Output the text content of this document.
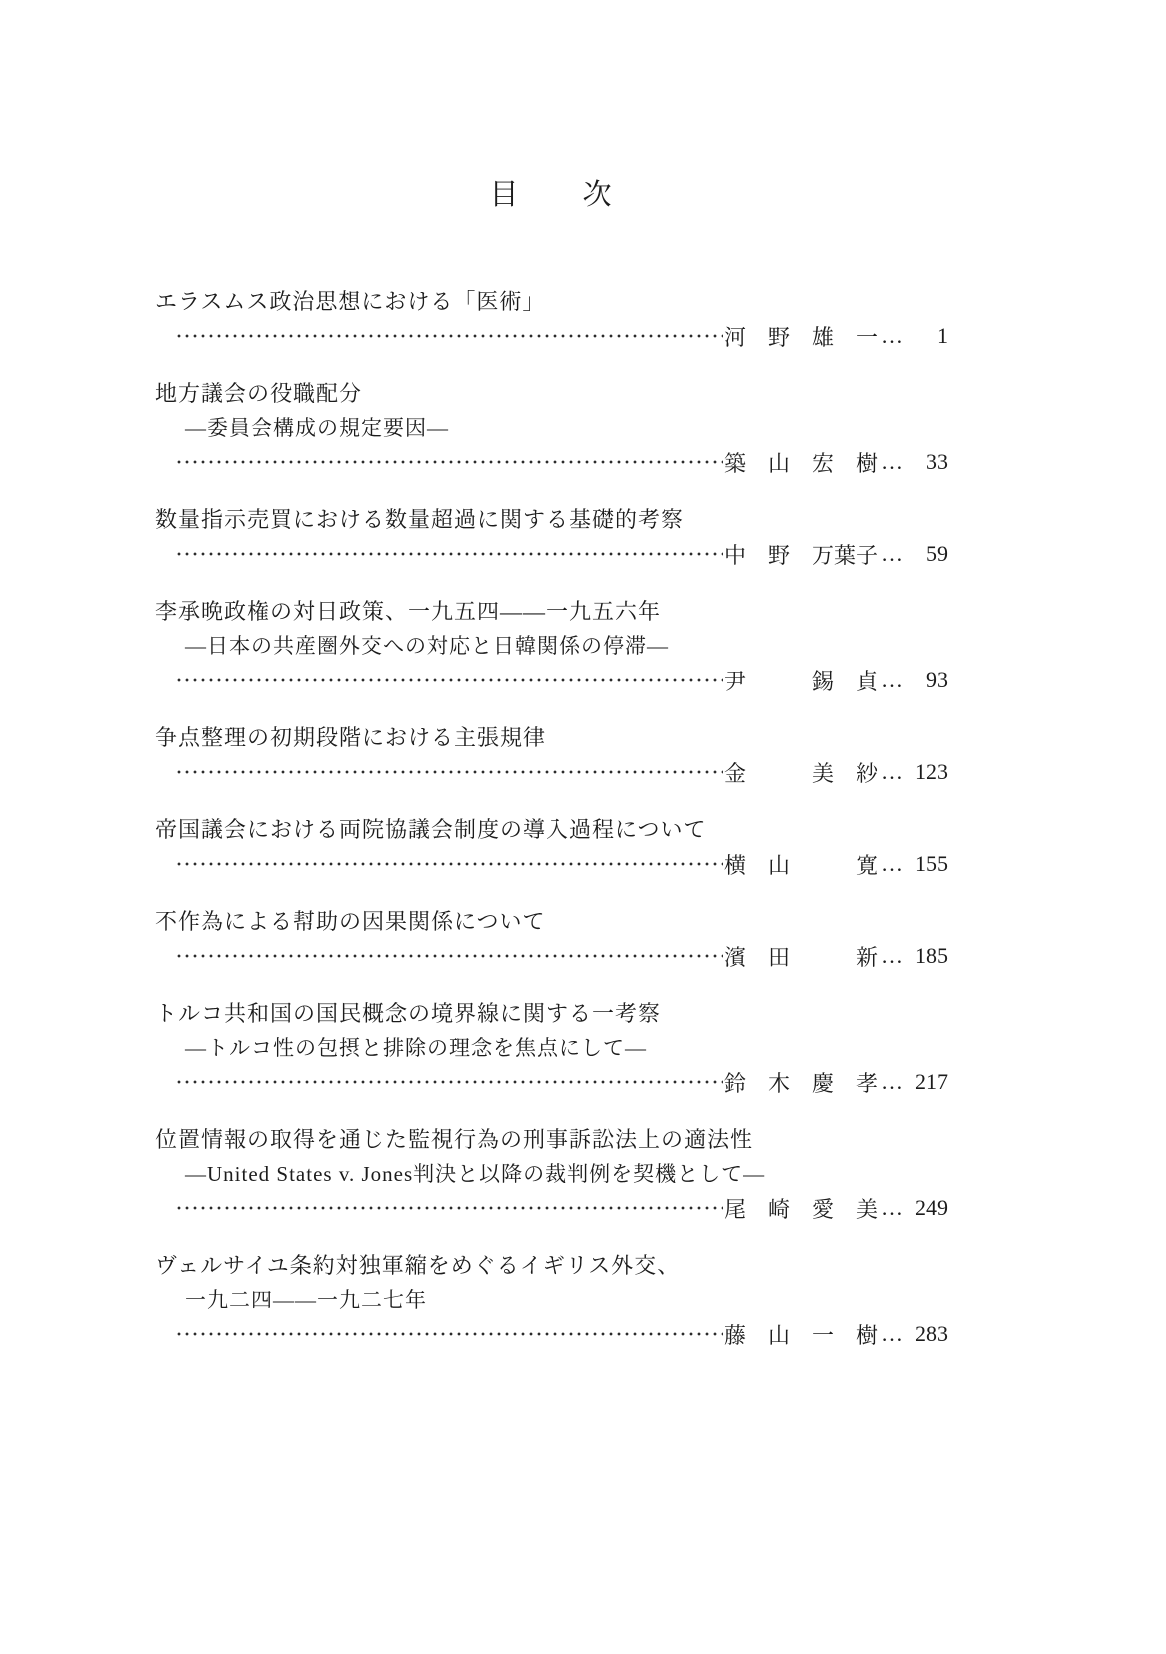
目　　次
エラスムス政治思想における「医術」
河　野　雄　一 …	1
地方議会の役職配分
―委員会構成の規定要因―
築　山　宏　樹 …	33
数量指示売買における数量超過に関する基礎的考察
中　野　万葉子 …	59
李承晩政権の対日政策、一九五四――一九五六年
―日本の共産圏外交への対応と日韓関係の停滞―
尹　　　錫　貞 …	93
争点整理の初期段階における主張規律
金　　　美　紗 … 123
帝国議会における両院協議会制度の導入過程について
横　山　　　寛 … 155
不作為による幇助の因果関係について
濱　田　　　新 … 185
トルコ共和国の国民概念の境界線に関する一考察
―トルコ性の包摂と排除の理念を焦点にして―
鈴　木　慶　孝 … 217
位置情報の取得を通じた監視行為の刑事訴訟法上の適法性
―United States v. Jones判決と以降の裁判例を契機として―
尾　崎　愛　美 … 249
ヴェルサイユ条約対独軍縮をめぐるイギリス外交、
一九二四――一九二七年
藤　山　一　樹 … 283
